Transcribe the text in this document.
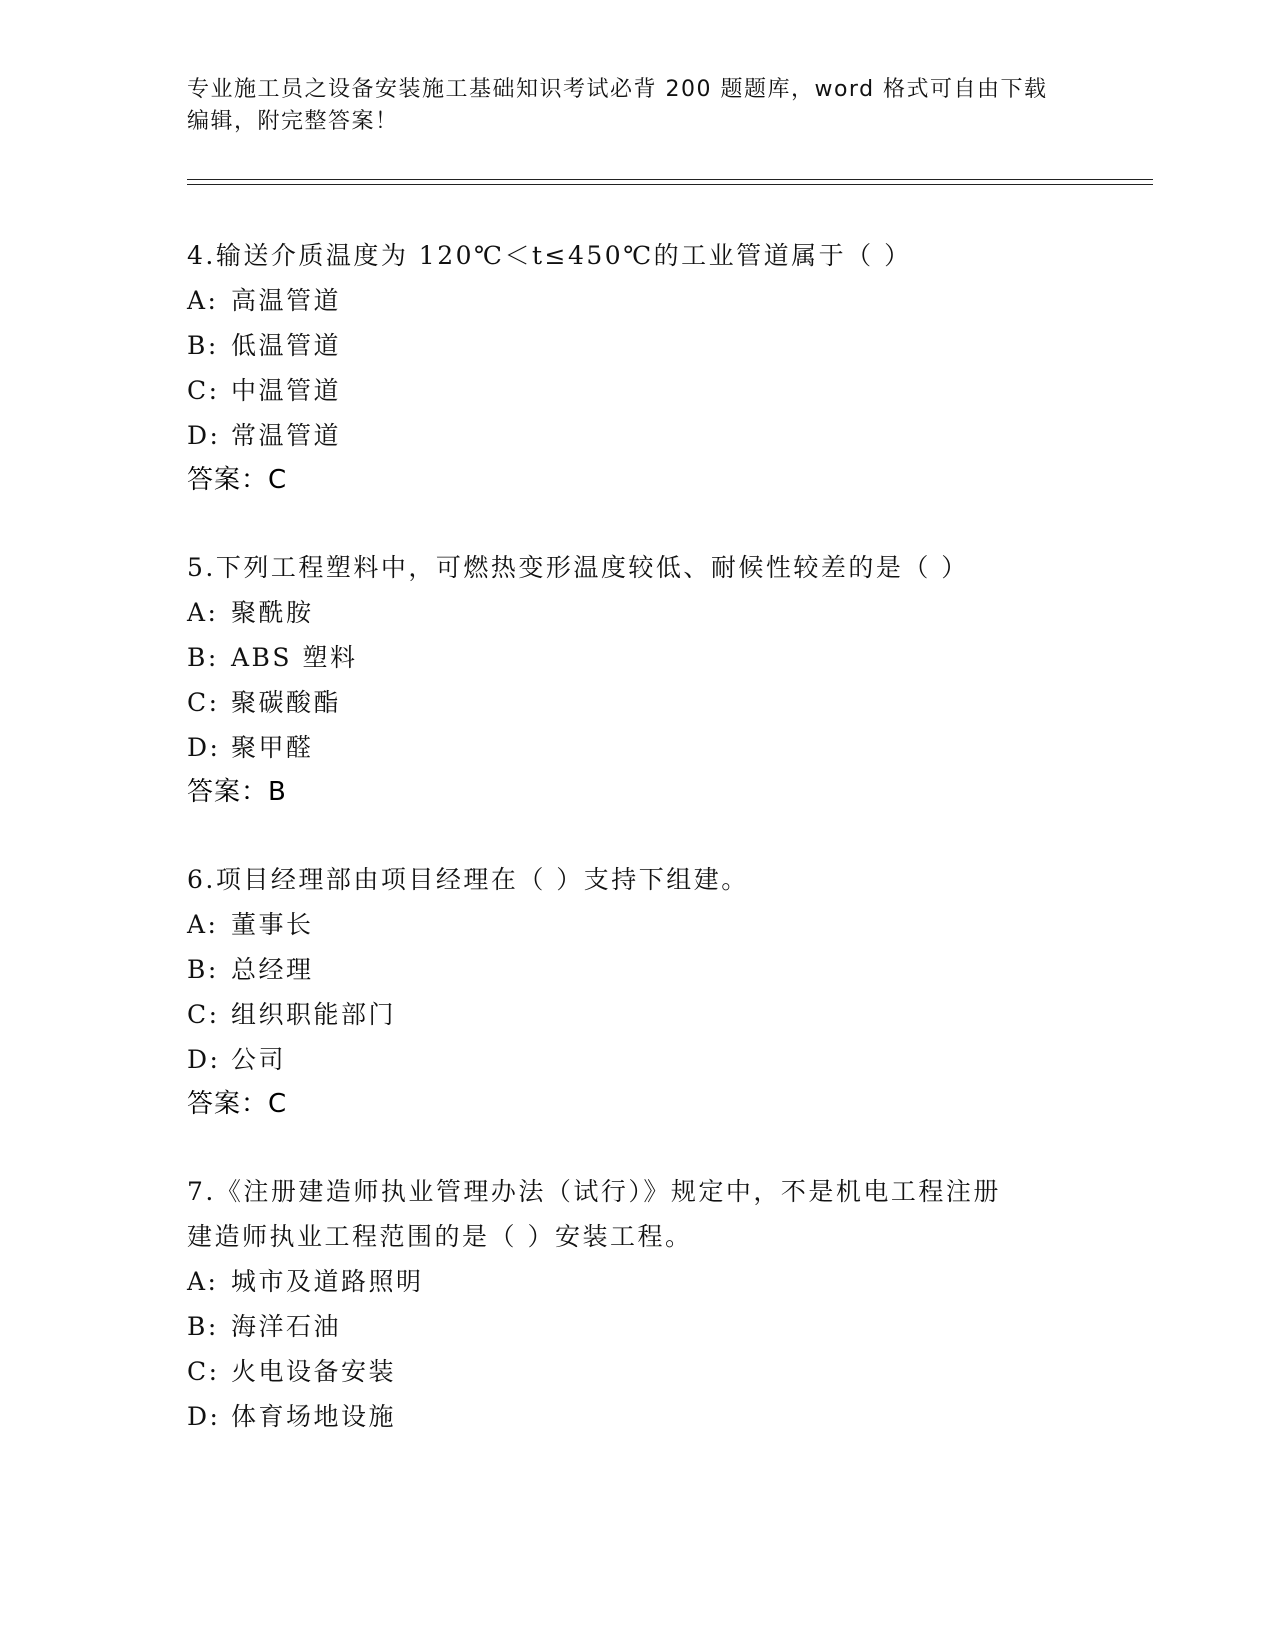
专业施工员之设备安装施工基础知识考试必背 200 题题库，word 格式可自由下载
编辑，附完整答案！
4.输送介质温度为 120℃＜t≤450℃的工业管道属于（ ）
A: 高温管道
B: 低温管道
C: 中温管道
D: 常温管道
答案：C
5.下列工程塑料中，可燃热变形温度较低、耐候性较差的是（ ）
A: 聚酰胺
B: ABS 塑料
C: 聚碳酸酯
D: 聚甲醛
答案：B
6.项目经理部由项目经理在（ ）支持下组建。
A: 董事长
B: 总经理
C: 组织职能部门
D: 公司
答案：C
7.《注册建造师执业管理办法（试行）》规定中，不是机电工程注册
建造师执业工程范围的是（ ）安装工程。
A: 城市及道路照明
B: 海洋石油
C: 火电设备安装
D: 体育场地设施
